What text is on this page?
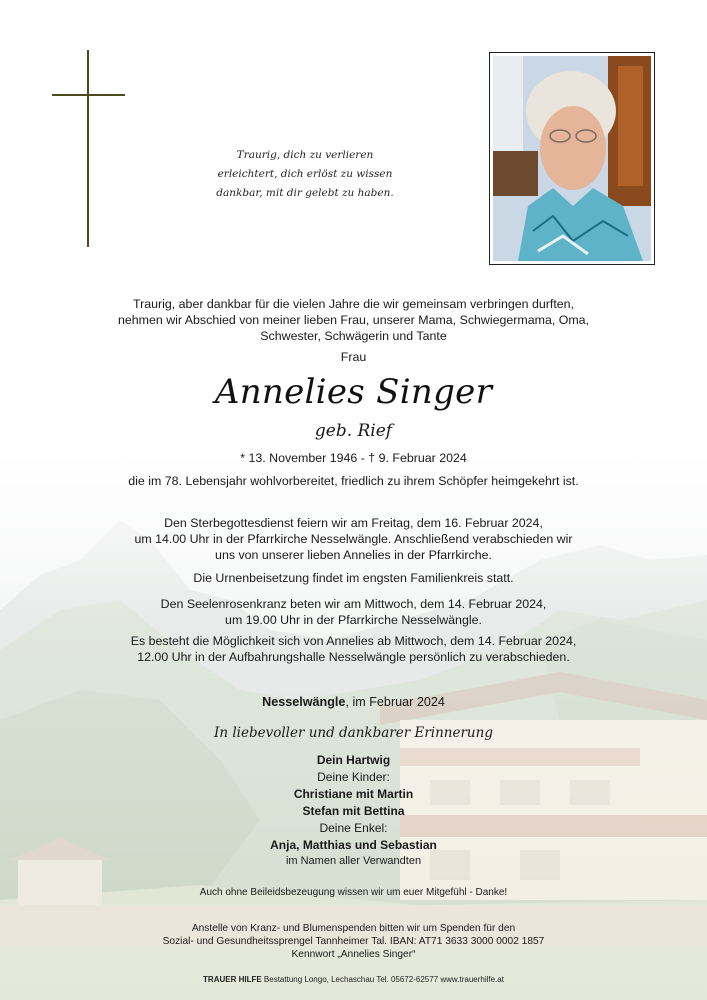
Traurig, dich zu verlieren
erleichtert, dich erlöst zu wissen
dankbar, mit dir gelebt zu haben.
Traurig, aber dankbar für die vielen Jahre die wir gemeinsam verbringen durften,
nehmen wir Abschied von meiner lieben Frau, unserer Mama, Schwiegermama, Oma,
Schwester, Schwägerin und Tante
Frau
Annelies Singer
geb. Rief
* 13. November 1946 - † 9. Februar 2024
die im 78. Lebensjahr wohlvorbereitet, friedlich zu ihrem Schöpfer heimgekehrt ist.
Den Sterbegottesdienst feiern wir am Freitag, dem 16. Februar 2024,
um 14.00 Uhr in der Pfarrkirche Nesselwängle. Anschließend verabschieden wir
uns von unserer lieben Annelies in der Pfarrkirche.
Die Urnenbeisetzung findet im engsten Familienkreis statt.
Den Seelenrosenkranz beten wir am Mittwoch, dem 14. Februar 2024,
um 19.00 Uhr in der Pfarrkirche Nesselwängle.
Es besteht die Möglichkeit sich von Annelies ab Mittwoch, dem 14. Februar 2024,
12.00 Uhr in der Aufbahrungshalle Nesselwängle persönlich zu verabschieden.
Nesselwängle, im Februar 2024
In liebevoller und dankbarer Erinnerung
Dein Hartwig
Deine Kinder:
Christiane mit Martin
Stefan mit Bettina
Deine Enkel:
Anja, Matthias und Sebastian
im Namen aller Verwandten
Auch ohne Beileidsbezeugung wissen wir um euer Mitgefühl - Danke!
Anstelle von Kranz- und Blumenspenden bitten wir um Spenden für den
Sozial- und Gesundheitssprengel Tannheimer Tal. IBAN: AT71 3633 3000 0002 1857
Kennwort „Annelies Singer“
TRAUER HILFE Bestattung Longo, Lechaschau Tel. 05672-62577 www.trauerhilfe.at
